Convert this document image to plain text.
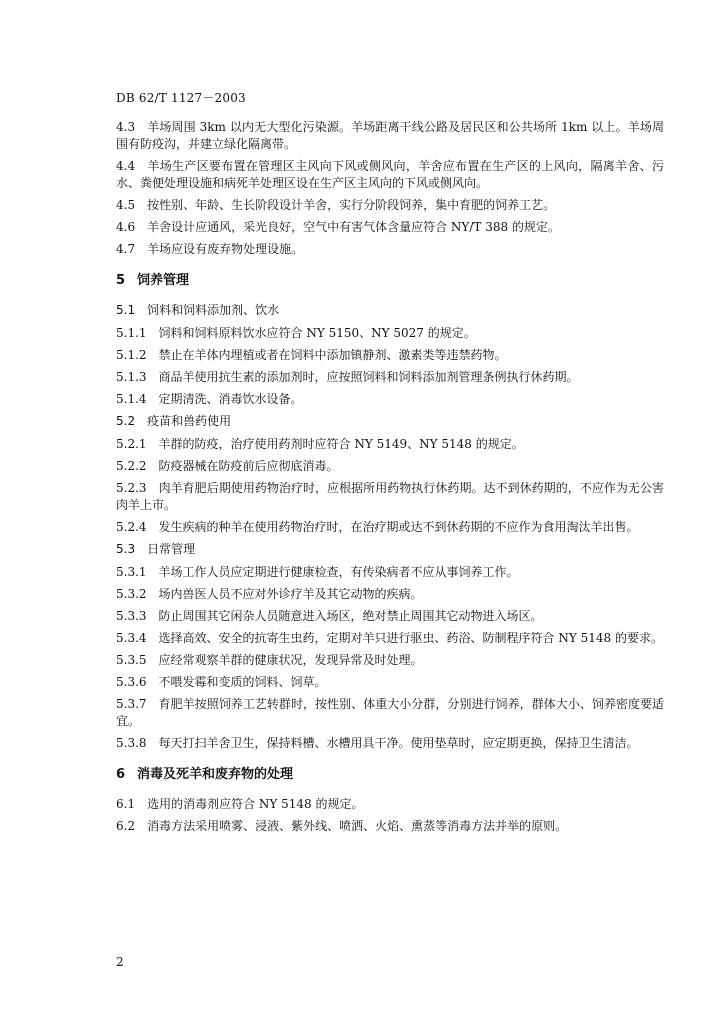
DB 62/T 1127－2003
4.3 羊场周围 3km 以内无大型化污染源。羊场距离干线公路及居民区和公共场所 1km 以上。羊场周围有防疫沟，并建立绿化隔离带。
4.4 羊场生产区要布置在管理区主风向下风或侧风向，羊舍应布置在生产区的上风向，隔离羊舍、污水、粪便处理设施和病死羊处理区设在生产区主风向的下风或侧风向。
4.5 按性别、年龄、生长阶段设计羊舍，实行分阶段饲养，集中育肥的饲养工艺。
4.6 羊舍设计应通风，采光良好，空气中有害气体含量应符合 NY/T 388 的规定。
4.7 羊场应设有废弃物处理设施。
5 饲养管理
5.1 饲料和饲料添加剂、饮水
5.1.1 饲料和饲料原料饮水应符合 NY 5150、NY 5027 的规定。
5.1.2 禁止在羊体内埋植或者在饲料中添加镇静剂、激素类等违禁药物。
5.1.3 商品羊使用抗生素的添加剂时，应按照饲料和饲料添加剂管理条例执行休药期。
5.1.4 定期清洗、消毒饮水设备。
5.2 疫苗和兽药使用
5.2.1 羊群的防疫，治疗使用药剂时应符合 NY 5149、NY 5148 的规定。
5.2.2 防疫器械在防疫前后应彻底消毒。
5.2.3 肉羊育肥后期使用药物治疗时，应根据所用药物执行休药期。达不到休药期的，不应作为无公害肉羊上市。
5.2.4 发生疾病的种羊在使用药物治疗时，在治疗期或达不到休药期的不应作为食用淘汰羊出售。
5.3 日常管理
5.3.1 羊场工作人员应定期进行健康检查，有传染病者不应从事饲养工作。
5.3.2 场内兽医人员不应对外诊疗羊及其它动物的疾病。
5.3.3 防止周围其它闲杂人员随意进入场区，绝对禁止周围其它动物进入场区。
5.3.4 选择高效、安全的抗寄生虫药，定期对羊只进行驱虫、药浴、防制程序符合 NY 5148 的要求。
5.3.5 应经常观察羊群的健康状况，发现异常及时处理。
5.3.6 不喂发霉和变质的饲料、饲草。
5.3.7 育肥羊按照饲养工艺转群时，按性别、体重大小分群，分别进行饲养，群体大小、饲养密度要适宜。
5.3.8 每天打扫羊舍卫生，保持料槽、水槽用具干净。使用垫草时，应定期更换，保持卫生清洁。
6 消毒及死羊和废弃物的处理
6.1 选用的消毒剂应符合 NY 5148 的规定。
6.2 消毒方法采用喷雾、浸液、紫外线、喷洒、火焰、熏蒸等消毒方法并举的原则。
2
